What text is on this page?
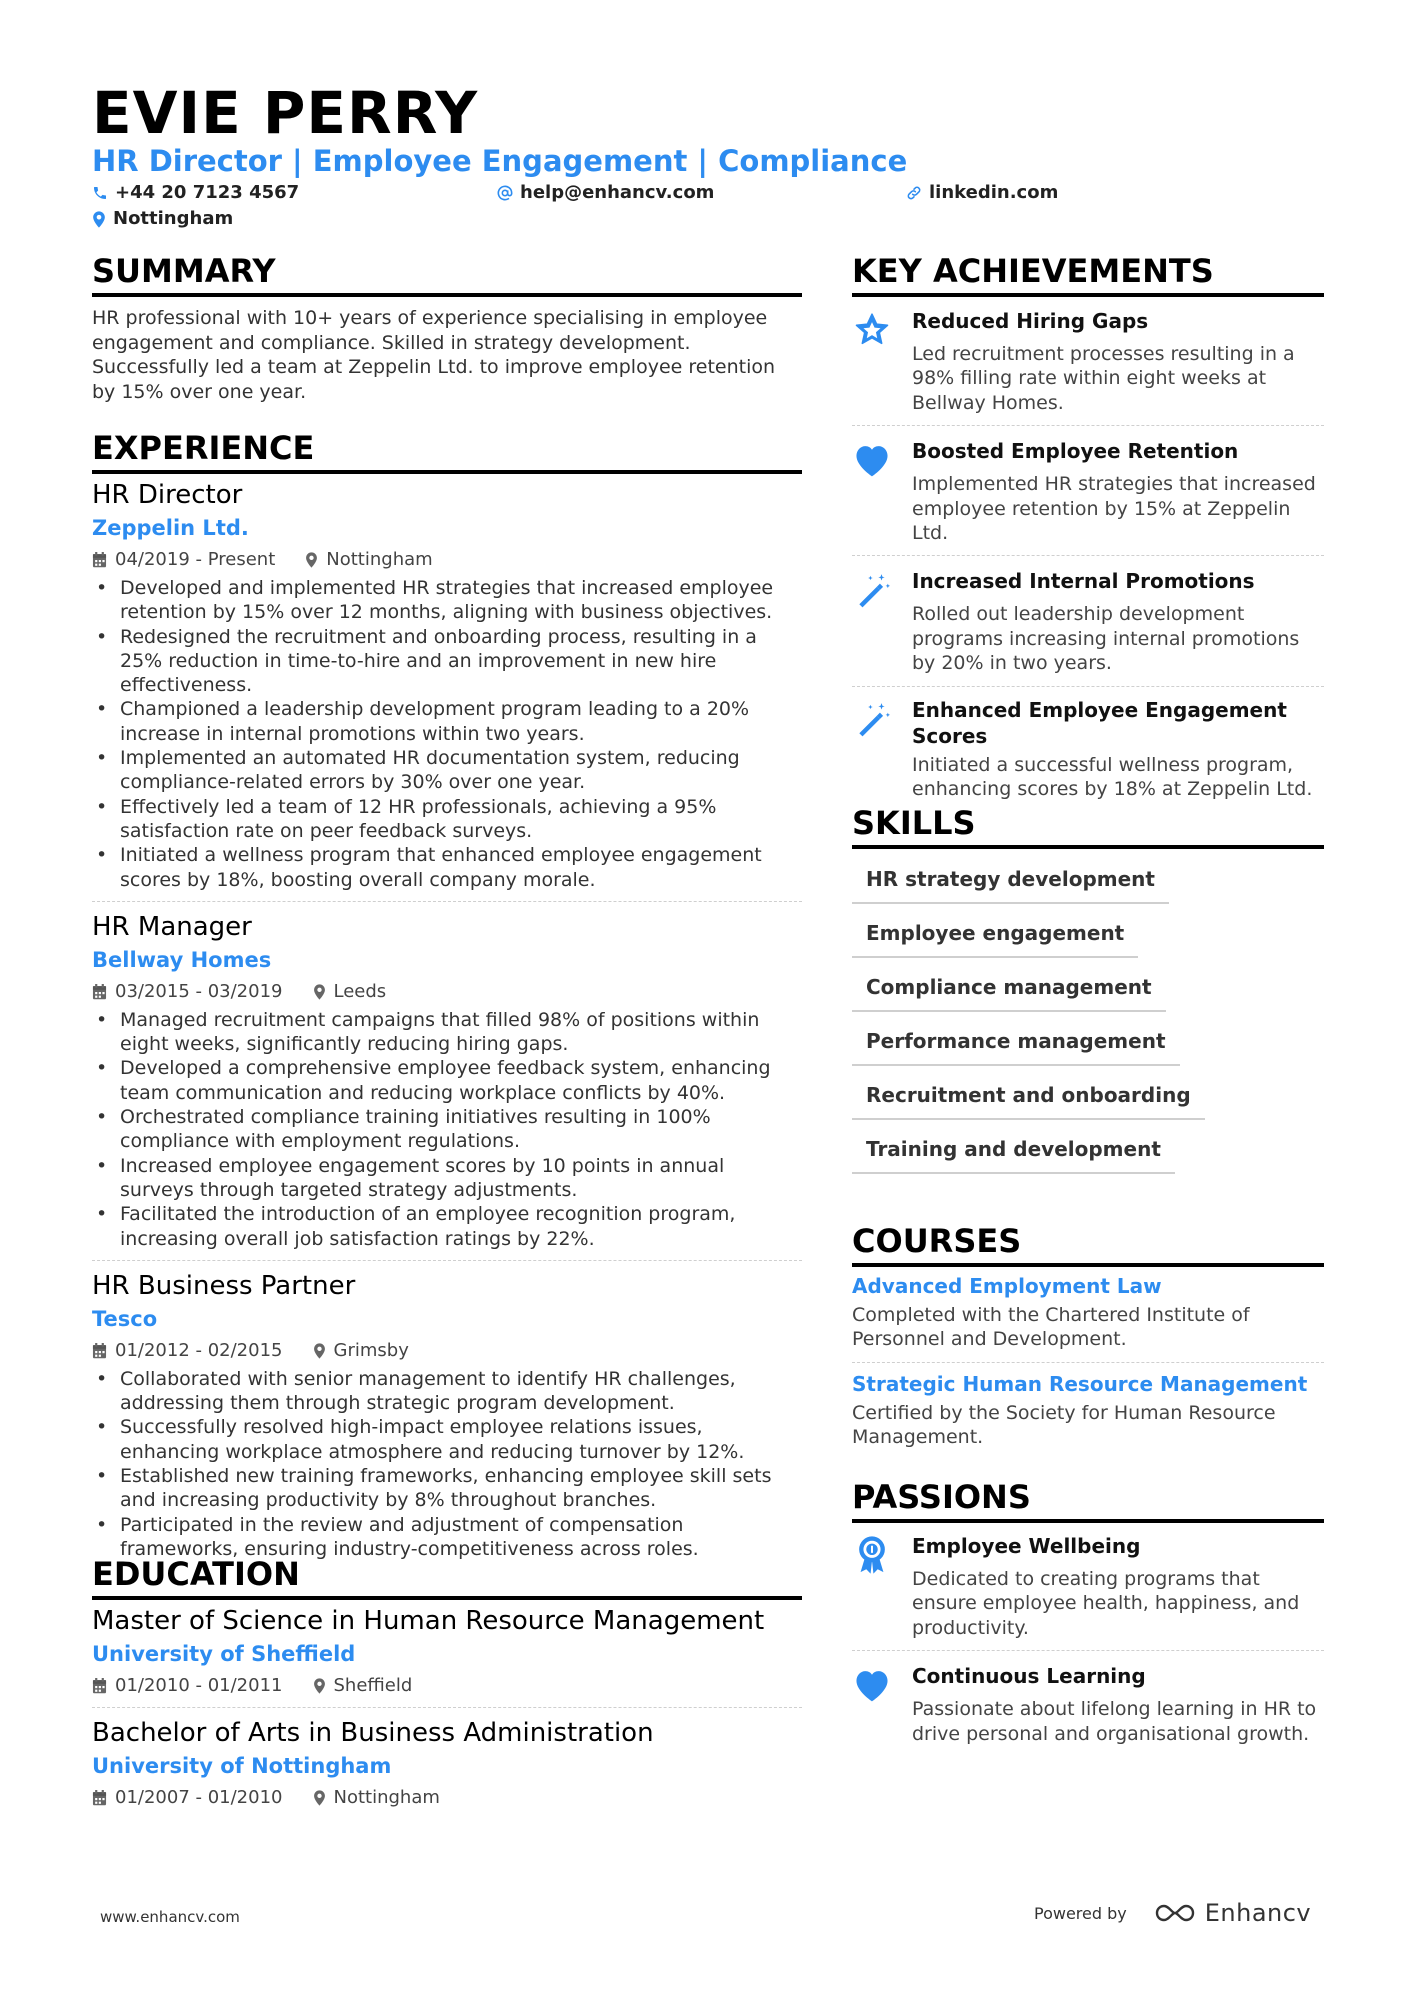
EVIE PERRY
HR Director | Employee Engagement | Compliance
+44 20 7123 4567	help@enhancv.com	linkedin.com
Nottingham
SUMMARY
HR professional with 10+ years of experience specialising in employee engagement and compliance. Skilled in strategy development. Successfully led a team at Zeppelin Ltd. to improve employee retention by 15% over one year.
EXPERIENCE
HR Director
Zeppelin Ltd.
04/2019 - Present	Nottingham
• Developed and implemented HR strategies that increased employee retention by 15% over 12 months, aligning with business objectives.
• Redesigned the recruitment and onboarding process, resulting in a 25% reduction in time-to-hire and an improvement in new hire effectiveness.
• Championed a leadership development program leading to a 20% increase in internal promotions within two years.
• Implemented an automated HR documentation system, reducing compliance-related errors by 30% over one year.
• Effectively led a team of 12 HR professionals, achieving a 95% satisfaction rate on peer feedback surveys.
• Initiated a wellness program that enhanced employee engagement scores by 18%, boosting overall company morale.
HR Manager
Bellway Homes
03/2015 - 03/2019	Leeds
• Managed recruitment campaigns that filled 98% of positions within eight weeks, significantly reducing hiring gaps.
• Developed a comprehensive employee feedback system, enhancing team communication and reducing workplace conflicts by 40%.
• Orchestrated compliance training initiatives resulting in 100% compliance with employment regulations.
• Increased employee engagement scores by 10 points in annual surveys through targeted strategy adjustments.
• Facilitated the introduction of an employee recognition program, increasing overall job satisfaction ratings by 22%.
HR Business Partner
Tesco
01/2012 - 02/2015	Grimsby
• Collaborated with senior management to identify HR challenges, addressing them through strategic program development.
• Successfully resolved high-impact employee relations issues, enhancing workplace atmosphere and reducing turnover by 12%.
• Established new training frameworks, enhancing employee skill sets and increasing productivity by 8% throughout branches.
• Participated in the review and adjustment of compensation frameworks, ensuring industry-competitiveness across roles.
EDUCATION
Master of Science in Human Resource Management
University of Sheffield
01/2010 - 01/2011	Sheffield
Bachelor of Arts in Business Administration
University of Nottingham
01/2007 - 01/2010	Nottingham
KEY ACHIEVEMENTS
Reduced Hiring Gaps
Led recruitment processes resulting in a 98% filling rate within eight weeks at Bellway Homes.
Boosted Employee Retention
Implemented HR strategies that increased employee retention by 15% at Zeppelin Ltd.
Increased Internal Promotions
Rolled out leadership development programs increasing internal promotions by 20% in two years.
Enhanced Employee Engagement Scores
Initiated a successful wellness program, enhancing scores by 18% at Zeppelin Ltd.
SKILLS
HR strategy development
Employee engagement
Compliance management
Performance management
Recruitment and onboarding
Training and development
COURSES
Advanced Employment Law
Completed with the Chartered Institute of Personnel and Development.
Strategic Human Resource Management
Certified by the Society for Human Resource Management.
PASSIONS
Employee Wellbeing
Dedicated to creating programs that ensure employee health, happiness, and productivity.
Continuous Learning
Passionate about lifelong learning in HR to drive personal and organisational growth.
www.enhancv.com	Powered by	Enhancv
